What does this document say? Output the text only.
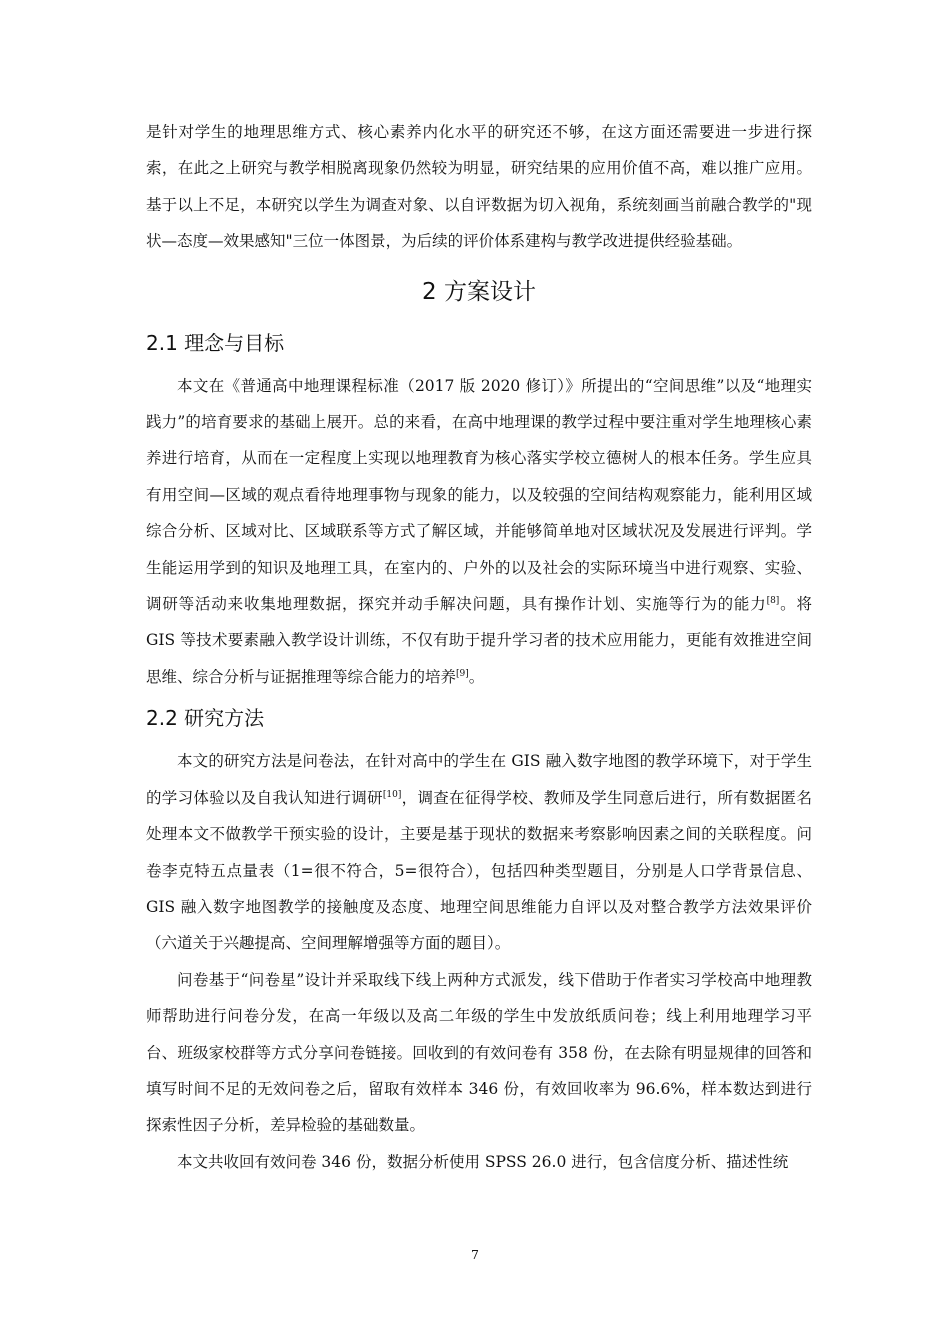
是针对学生的地理思维方式、核心素养内化水平的研究还不够，在这方面还需要进一步进行探索，在此之上研究与教学相脱离现象仍然较为明显，研究结果的应用价值不高，难以推广应用。基于以上不足，本研究以学生为调查对象、以自评数据为切入视角，系统刻画当前融合教学的"现状—态度—效果感知"三位一体图景，为后续的评价体系建构与教学改进提供经验基础。

2 方案设计
2.1 理念与目标

本文在《普通高中地理课程标准（2017 版 2020 修订）》所提出的“空间思维”以及“地理实践力”的培育要求的基础上展开。总的来看，在高中地理课的教学过程中要注重对学生地理核心素养进行培育，从而在一定程度上实现以地理教育为核心落实学校立德树人的根本任务。学生应具有用空间—区域的观点看待地理事物与现象的能力，以及较强的空间结构观察能力，能利用区域综合分析、区域对比、区域联系等方式了解区域，并能够简单地对区域状况及发展进行评判。学生能运用学到的知识及地理工具，在室内的、户外的以及社会的实际环境当中进行观察、实验、调研等活动来收集地理数据，探究并动手解决问题，具有操作计划、实施等行为的能力[8]。将 GIS 等技术要素融入教学设计训练，不仅有助于提升学习者的技术应用能力，更能有效推进空间思维、综合分析与证据推理等综合能力的培养[9]。

2.2 研究方法

本文的研究方法是问卷法，在针对高中的学生在 GIS 融入数字地图的教学环境下，对于学生的学习体验以及自我认知进行调研[10]，调查在征得学校、教师及学生同意后进行，所有数据匿名处理本文不做教学干预实验的设计，主要是基于现状的数据来考察影响因素之间的关联程度。问卷李克特五点量表（1=很不符合，5=很符合），包括四种类型题目，分别是人口学背景信息、GIS 融入数字地图教学的接触度及态度、地理空间思维能力自评以及对整合教学方法效果评价（六道关于兴趣提高、空间理解增强等方面的题目）。

问卷基于“问卷星”设计并采取线下线上两种方式派发，线下借助于作者实习学校高中地理教师帮助进行问卷分发，在高一年级以及高二年级的学生中发放纸质问卷；线上利用地理学习平台、班级家校群等方式分享问卷链接。回收到的有效问卷有 358 份，在去除有明显规律的回答和填写时间不足的无效问卷之后，留取有效样本 346 份，有效回收率为 96.6%，样本数达到进行探索性因子分析，差异检验的基础数量。

本文共收回有效问卷 346 份，数据分析使用 SPSS 26.0 进行，包含信度分析、描述性统

7
